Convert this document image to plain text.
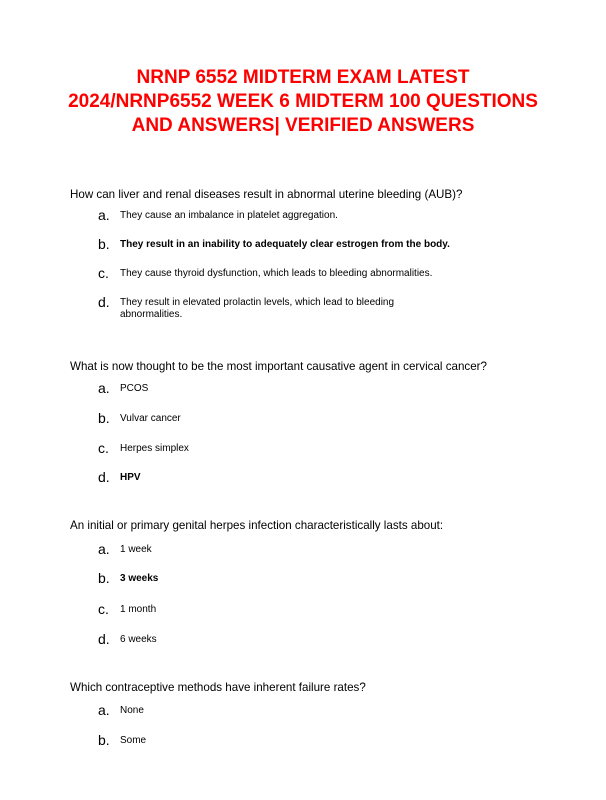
NRNP 6552 MIDTERM EXAM LATEST
2024/NRNP6552 WEEK 6 MIDTERM 100 QUESTIONS
AND ANSWERS| VERIFIED ANSWERS

How can liver and renal diseases result in abnormal uterine bleeding (AUB)?

a.	They cause an imbalance in platelet aggregation.
b.	They result in an inability to adequately clear estrogen from the body.
c.	They cause thyroid dysfunction, which leads to bleeding abnormalities.
d.	They result in elevated prolactin levels, which lead to bleeding abnormalities.

What is now thought to be the most important causative agent in cervical cancer?

a.	PCOS
b.	Vulvar cancer
c.	Herpes simplex
d.	HPV

An initial or primary genital herpes infection characteristically lasts about:

a.	1 week
b.	3 weeks
c.	1 month
d.	6 weeks

Which contraceptive methods have inherent failure rates?

a.	None
b.	Some
